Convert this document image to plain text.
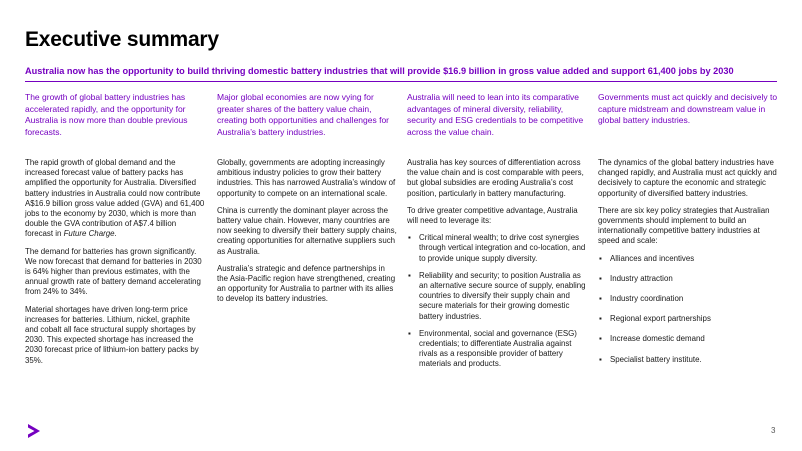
Executive summary
Australia now has the opportunity to build thriving domestic battery industries that will provide $16.9 billion in gross value added and support 61,400 jobs by 2030

The growth of global battery industries has accelerated rapidly, and the opportunity for Australia is now more than double previous forecasts.

The rapid growth of global demand and the increased forecast value of battery packs has amplified the opportunity for Australia. Diversified battery industries in Australia could now contribute A$16.9 billion gross value added (GVA) and 61,400 jobs to the economy by 2030, which is more than double the GVA contribution of A$7.4 billion forecast in Future Charge.

The demand for batteries has grown significantly. We now forecast that demand for batteries in 2030 is 64% higher than previous estimates, with the annual growth rate of battery demand accelerating from 24% to 34%.

Material shortages have driven long-term price increases for batteries. Lithium, nickel, graphite and cobalt all face structural supply shortages by 2030. This expected shortage has increased the 2030 forecast price of lithium-ion battery packs by 35%.

Major global economies are now vying for greater shares of the battery value chain, creating both opportunities and challenges for Australia’s battery industries.

Globally, governments are adopting increasingly ambitious industry policies to grow their battery industries. This has narrowed Australia’s window of opportunity to compete on an international scale.

China is currently the dominant player across the battery value chain. However, many countries are now seeking to diversify their battery supply chains, creating opportunities for alternative suppliers such as Australia.

Australia’s strategic and defence partnerships in the Asia-Pacific region have strengthened, creating an opportunity for Australia to partner with its allies to develop its battery industries.

Australia will need to lean into its comparative advantages of mineral diversity, reliability, security and ESG credentials to be competitive across the value chain.

Australia has key sources of differentiation across the value chain and is cost comparable with peers, but global subsidies are eroding Australia’s cost position, particularly in battery manufacturing.

To drive greater competitive advantage, Australia will need to leverage its:

▪ Critical mineral wealth; to drive cost synergies through vertical integration and co-location, and to provide unique supply diversity.
▪ Reliability and security; to position Australia as an alternative secure source of supply, enabling countries to diversify their supply chain and secure materials for their growing domestic battery industries.
▪ Environmental, social and governance (ESG) credentials; to differentiate Australia against rivals as a responsible provider of battery materials and products.

Governments must act quickly and decisively to capture midstream and downstream value in global battery industries.

The dynamics of the global battery industries have changed rapidly, and Australia must act quickly and decisively to capture the economic and strategic opportunity of diversified battery industries.

There are six key policy strategies that Australian governments should implement to build an internationally competitive battery industries at speed and scale:

▪ Alliances and incentives
▪ Industry attraction
▪ Industry coordination
▪ Regional export partnerships
▪ Increase domestic demand
▪ Specialist battery institute.
3
